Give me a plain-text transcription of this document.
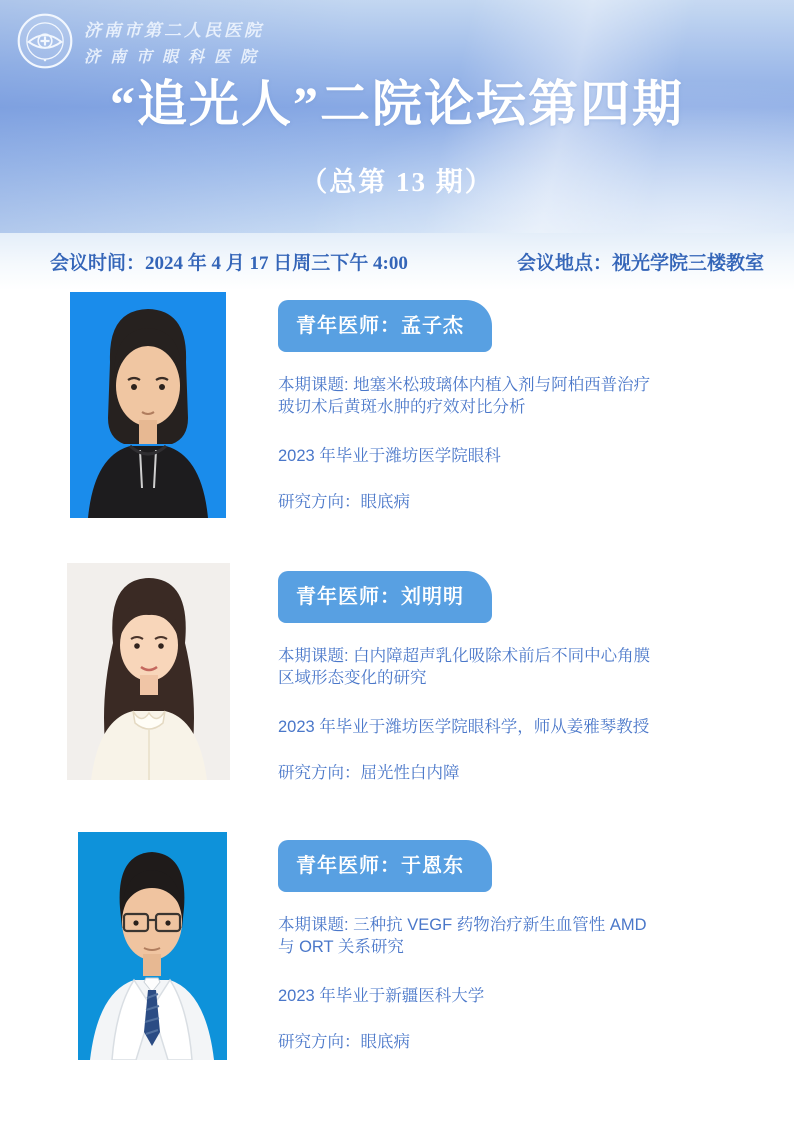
济南市第二人民医院
济南市眼科医院
“追光人”二院论坛第四期
（总第 13 期）
会议时间：2024 年 4 月 17 日周三下午 4:00	会议地点：视光学院三楼教室
青年医师：孟子杰

本期课题: 地塞米松玻璃体内植入剂与阿柏西普治疗玻切术后黄斑水肿的疗效对比分析

2023 年毕业于潍坊医学院眼科

研究方向：眼底病

青年医师：刘明明

本期课题: 白内障超声乳化吸除术前后不同中心角膜区域形态变化的研究

2023 年毕业于潍坊医学院眼科学，师从姜雅琴教授

研究方向：屈光性白内障

青年医师：于恩东

本期课题: 三种抗 VEGF 药物治疗新生血管性 AMD 与 ORT 关系研究

2023 年毕业于新疆医科大学

研究方向：眼底病
